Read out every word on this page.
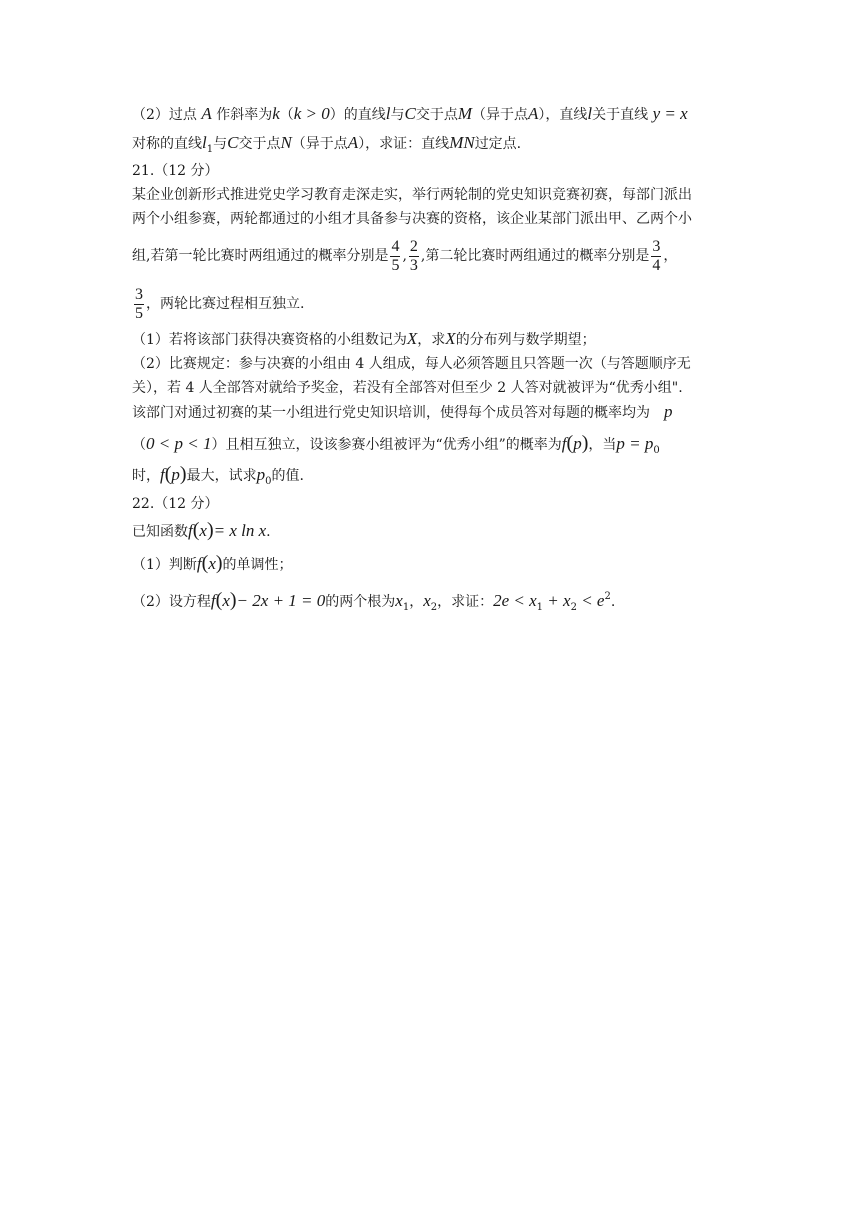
（2）过点 A 作斜率为k（k > 0）的直线l与C交于点M（异于点A），直线l关于直线 y = x
对称的直线$l_1$与C交于点N（异于点A），求证：直线MN过定点.
21.（12 分）
某企业创新形式推进党史学习教育走深走实，举行两轮制的党史知识竞赛初赛，每部门派出
两个小组参赛，两轮都通过的小组才具备参与决赛的资格，该企业某部门派出甲、乙两个小
组,若第一轮比赛时两组通过的概率分别是 $\frac{4}{5}$ , $\frac{2}{3}$ ,第二轮比赛时两组通过的概率分别是 $\frac{3}{4}$ ，
$\frac{3}{5}$ ，两轮比赛过程相互独立.
（1）若将该部门获得决赛资格的小组数记为X，求X的分布列与数学期望；
（2）比赛规定：参与决赛的小组由 4 人组成，每人必须答题且只答题一次（与答题顺序无
关），若 4 人全部答对就给予奖金，若没有全部答对但至少 2 人答对就被评为“优秀小组".
该部门对通过初赛的某一小组进行党史知识培训，使得每个成员答对每题的概率均为 p
（0 < p < 1）且相互独立，设该参赛小组被评为“优秀小组”的概率为f(p)，当$p = p_0$
时，f(p)最大，试求$p_0$的值.
22.（12 分）
已知函数f(x)= x ln x.
（1）判断f(x)的单调性；
（2）设方程f(x)− 2x + 1 = 0的两个根为$x_1$，$x_2$，求证：$2e < x_1 + x_2 < e^2$.
